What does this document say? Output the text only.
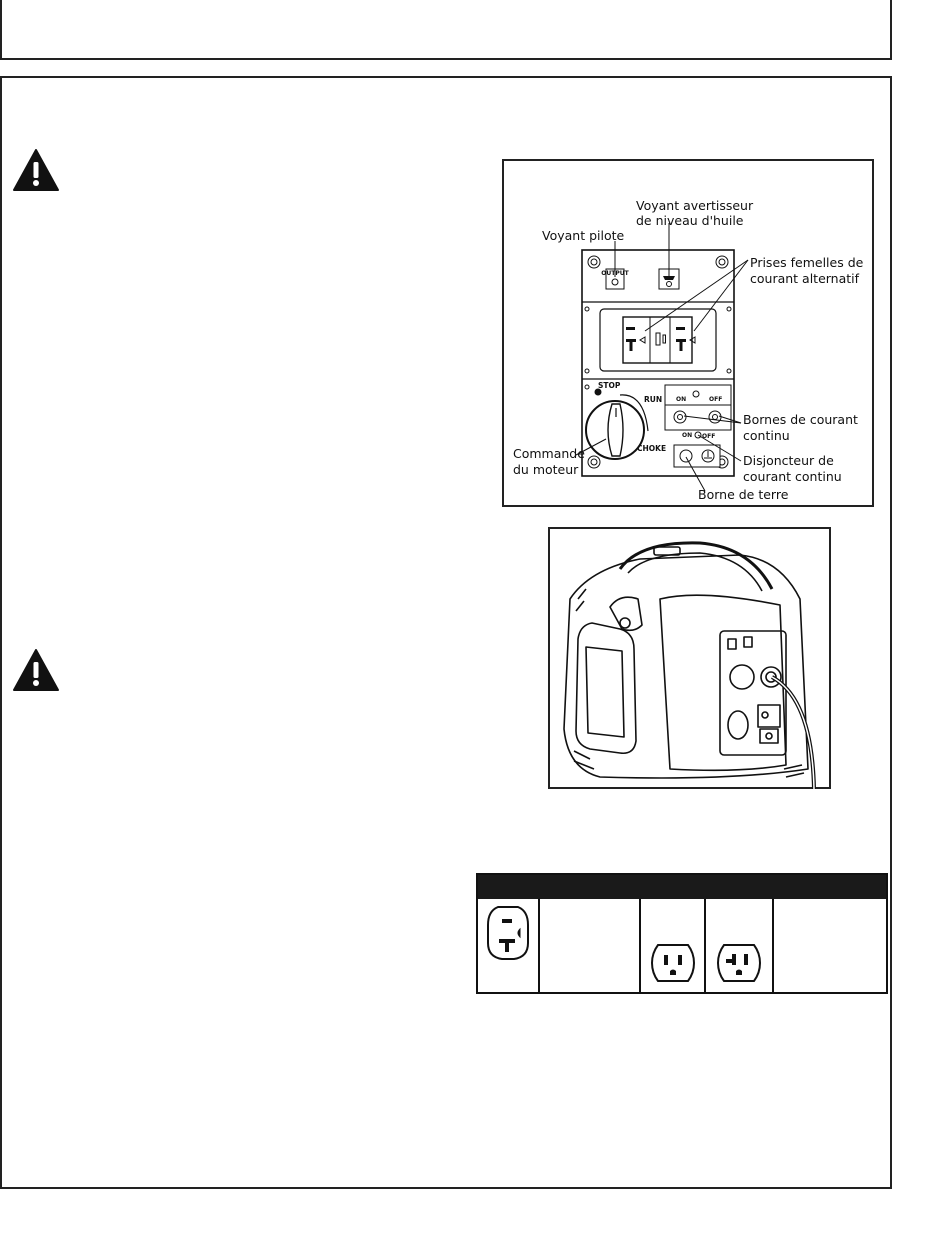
OUTPUT
STOP
RUN
CHOKE
ON	OFF
ON OFF
Voyant avertisseur
de niveau d'huile
Voyant pilote
Prises femelles de
courant alternatif
Bornes de courant
continu
Disjoncteur de
courant continu
Commande
du moteur
Borne de terre
